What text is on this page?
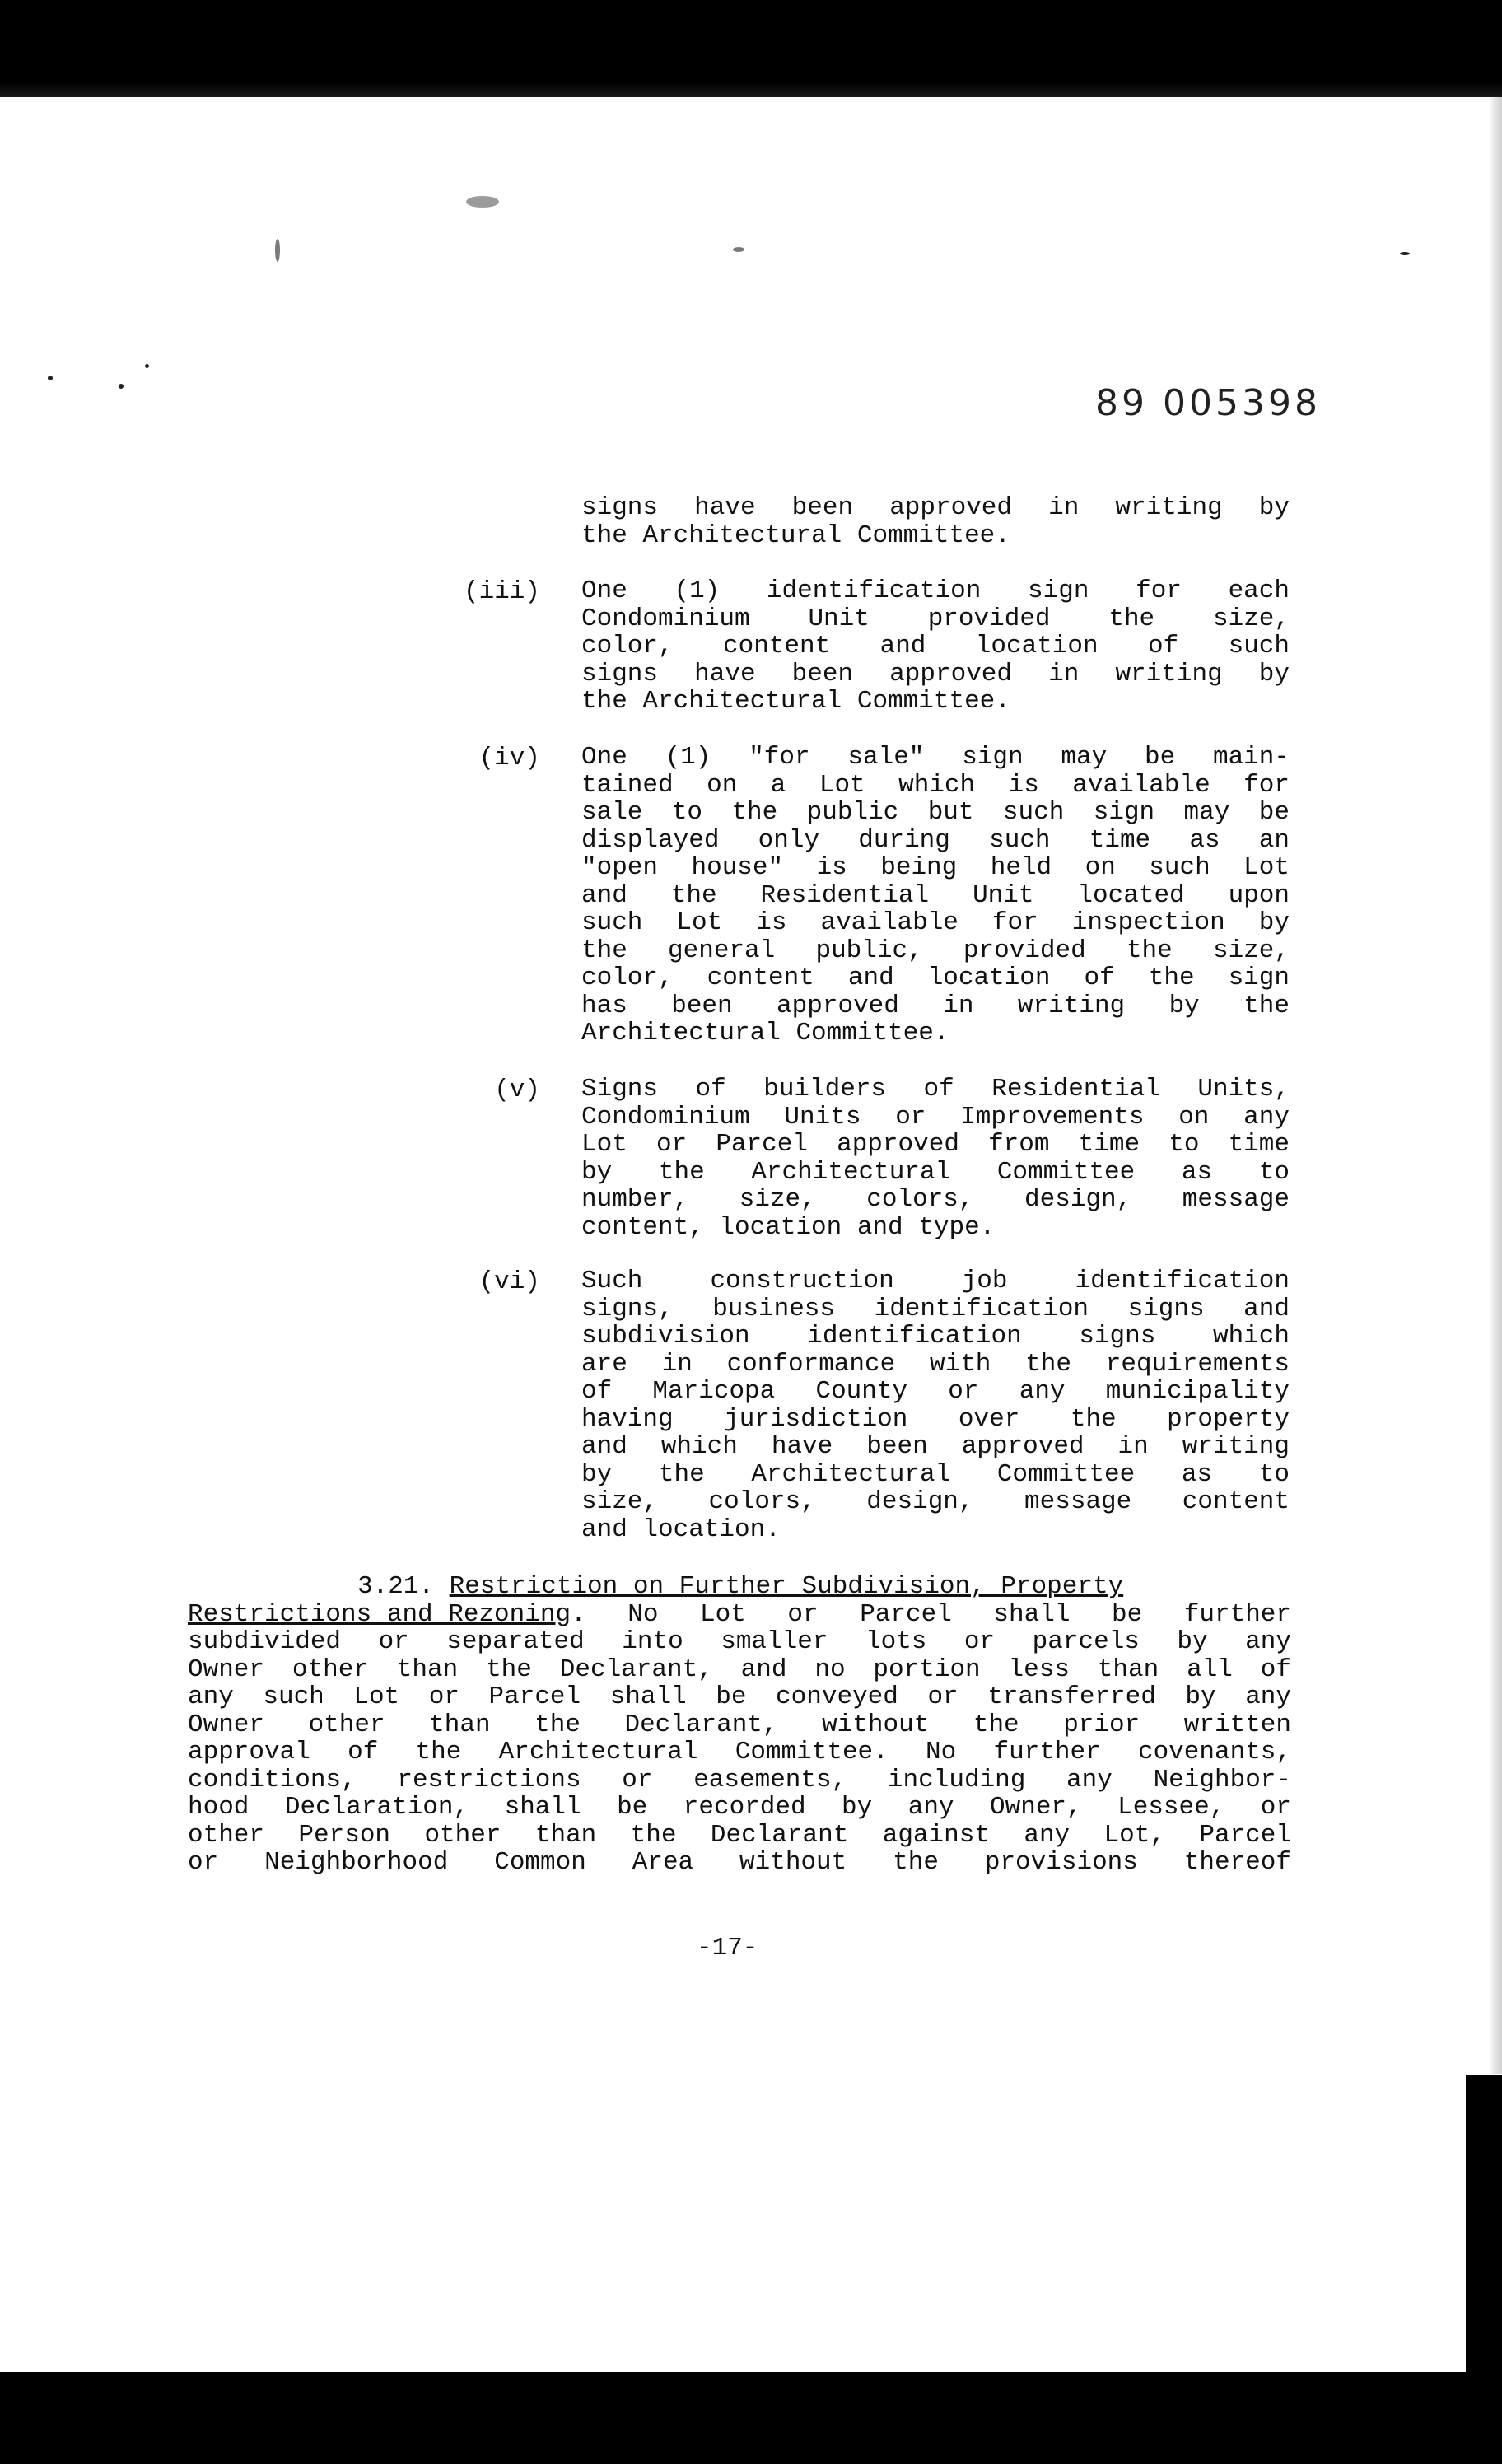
89 005398
signs have been approved in writing by
the Architectural Committee.
(iii) One (1) identification sign for each
Condominium Unit provided the size,
color, content and location of such
signs have been approved in writing by
the Architectural Committee.
(iv) One (1) "for sale" sign may be main-
tained on a Lot which is available for
sale to the public but such sign may be
displayed only during such time as an
"open house" is being held on such Lot
and the Residential Unit located upon
such Lot is available for inspection by
the general public, provided the size,
color, content and location of the sign
has been approved in writing by the
Architectural Committee.
(v) Signs of builders of Residential Units,
Condominium Units or Improvements on any
Lot or Parcel approved from time to time
by the Architectural Committee as to
number, size, colors, design, message
content, location and type.
(vi) Such construction job identification
signs, business identification signs and
subdivision identification signs which
are in conformance with the requirements
of Maricopa County or any municipality
having jurisdiction over the property
and which have been approved in writing
by the Architectural Committee as to
size, colors, design, message content
and location.
3.21. Restriction on Further Subdivision, Property
Restrictions and Rezoning . No Lot or Parcel shall be further
subdivided or separated into smaller lots or parcels by any
Owner other than the Declarant, and no portion less than all of
any such Lot or Parcel shall be conveyed or transferred by any
Owner other than the Declarant, without the prior written
approval of the Architectural Committee. No further covenants,
conditions, restrictions or easements, including any Neighbor-
hood Declaration, shall be recorded by any Owner, Lessee, or
other Person other than the Declarant against any Lot, Parcel
or Neighborhood Common Area without the provisions thereof
-17-
